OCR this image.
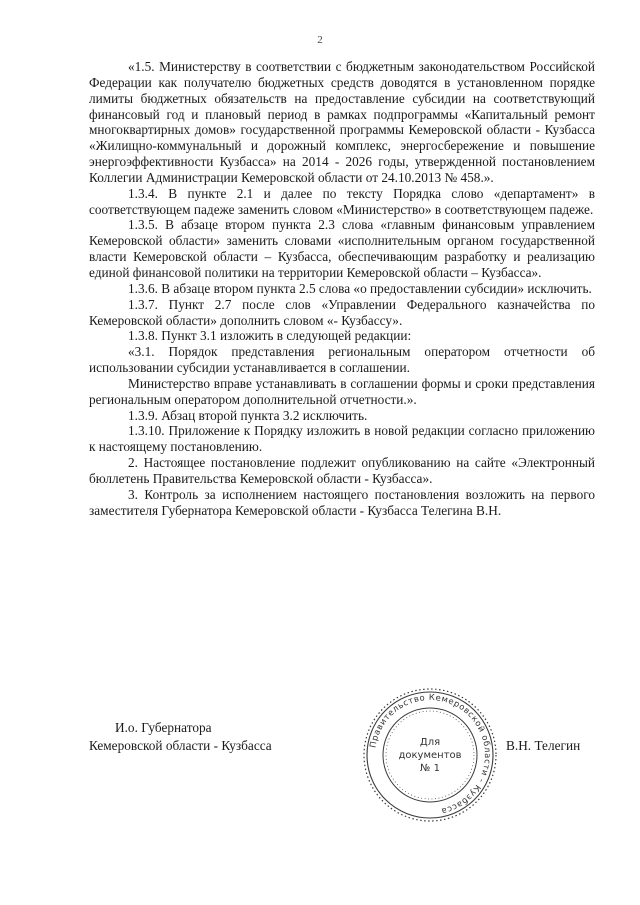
2

«1.5. Министерству в соответствии с бюджетным законодательством Российской Федерации как получателю бюджетных средств доводятся в установленном порядке лимиты бюджетных обязательств на предоставление субсидии на соответствующий финансовый год и плановый период в рамках подпрограммы «Капитальный ремонт многоквартирных домов» государственной программы Кемеровской области - Кузбасса «Жилищно-коммунальный и дорожный комплекс, энергосбережение и повышение энергоэффективности Кузбасса» на 2014 - 2026 годы, утвержденной постановлением Коллегии Администрации Кемеровской области от 24.10.2013 № 458.».

1.3.4. В пункте 2.1 и далее по тексту Порядка слово «департамент» в соответствующем падеже заменить словом «Министерство» в соответствующем падеже.

1.3.5. В абзаце втором пункта 2.3 слова «главным финансовым управлением Кемеровской области» заменить словами «исполнительным органом государственной власти Кемеровской области – Кузбасса, обеспечивающим разработку и реализацию единой финансовой политики на территории Кемеровской области – Кузбасса».

1.3.6. В абзаце втором пункта 2.5 слова «о предоставлении субсидии» исключить.

1.3.7. Пункт 2.7 после слов «Управлении Федерального казначейства по Кемеровской области» дополнить словом «- Кузбассу».

1.3.8. Пункт 3.1 изложить в следующей редакции:

«3.1. Порядок представления региональным оператором отчетности об использовании субсидии устанавливается в соглашении.

Министерство вправе устанавливать в соглашении формы и сроки представления региональным оператором дополнительной отчетности.».

1.3.9. Абзац второй пункта 3.2 исключить.

1.3.10. Приложение к Порядку изложить в новой редакции согласно приложению к настоящему постановлению.

2. Настоящее постановление подлежит опубликованию на сайте «Электронный бюллетень Правительства Кемеровской области - Кузбасса».

3. Контроль за исполнением настоящего постановления возложить на первого заместителя Губернатора Кемеровской области - Кузбасса Телегина В.Н.

И.о. Губернатора
Кемеровской области - Кузбасса	Правительство Кемеровской области - Кузбасса
Для
документов
№ 1
В.Н. Телегин
